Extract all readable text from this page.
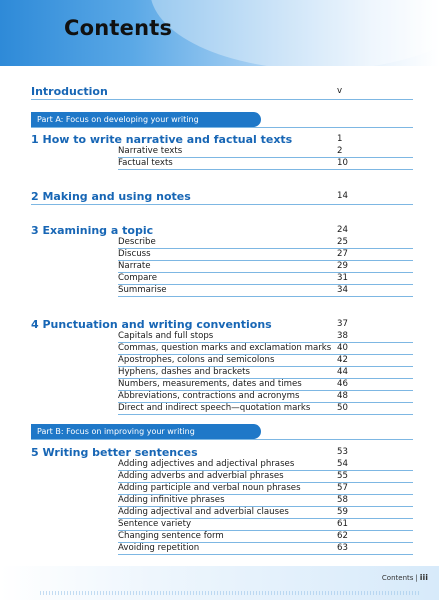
Contents
Introduction	v
Part A: Focus on developing your writing
1 How to write narrative and factual texts	1
Narrative texts	2
Factual texts	10
2 Making and using notes	14
3 Examining a topic	24
Describe	25
Discuss	27
Narrate	29
Compare	31
Summarise	34
4 Punctuation and writing conventions	37
Capitals and full stops	38
Commas, question marks and exclamation marks 40
Apostrophes, colons and semicolons	42
Hyphens, dashes and brackets	44
Numbers, measurements, dates and times	46
Abbreviations, contractions and acronyms	48
Direct and indirect speech—quotation marks	50
Part B: Focus on improving your writing
5 Writing better sentences	53
Adding adjectives and adjectival phrases	54
Adding adverbs and adverbial phrases	55
Adding participle and verbal noun phrases	57
Adding infinitive phrases	58
Adding adjectival and adverbial clauses	59
Sentence variety	61
Changing sentence form	62
Avoiding repetition	63
Contents | iii
